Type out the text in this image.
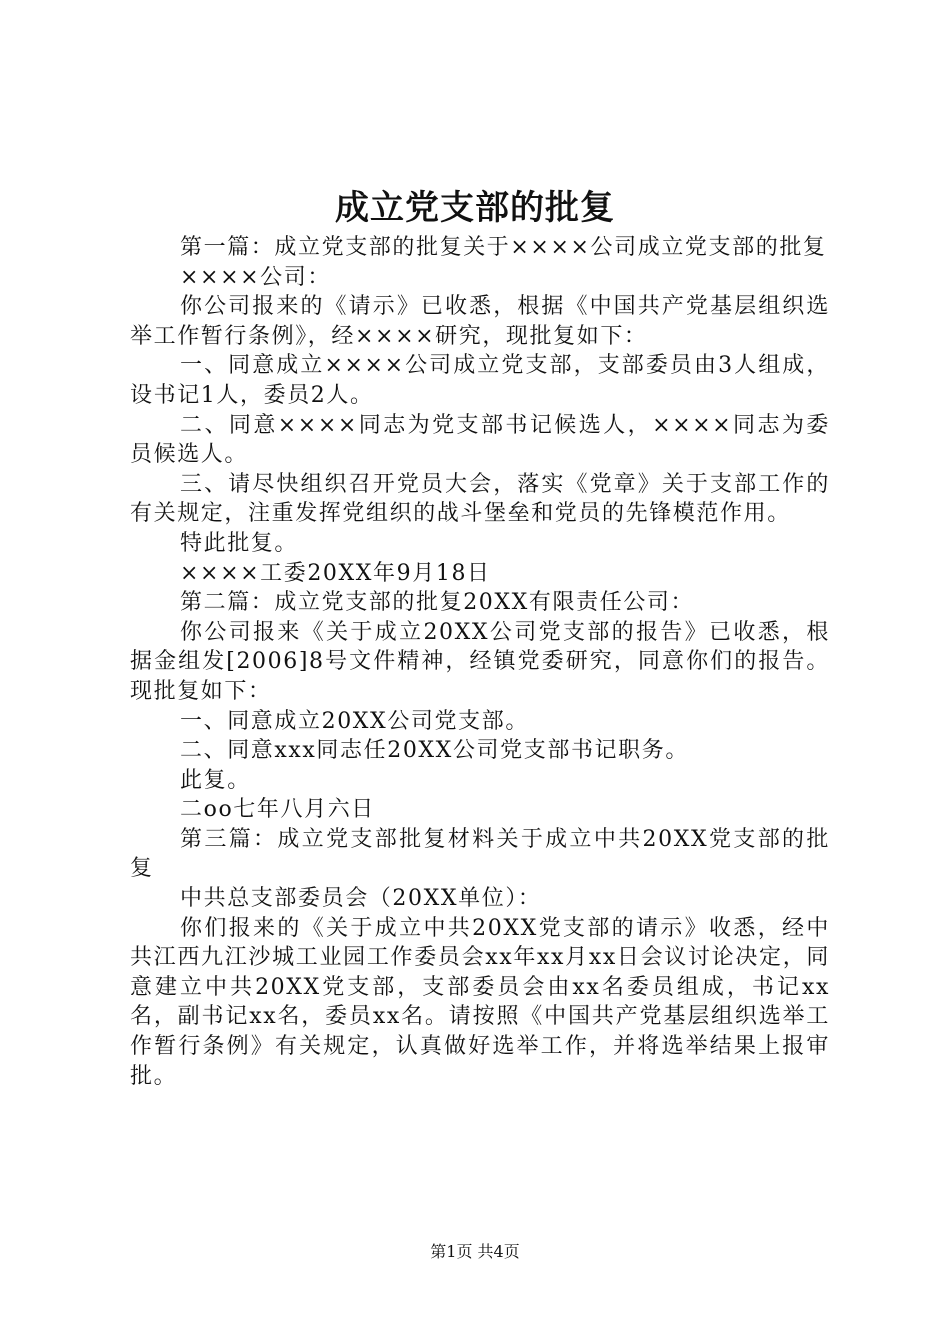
成立党支部的批复

第一篇：成立党支部的批复关于××××公司成立党支部的批复

××××公司：

你公司报来的《请示》已收悉，根据《中国共产党基层组织选举工作暂行条例》，经××××研究，现批复如下：

一、同意成立××××公司成立党支部，支部委员由3人组成，设书记1人，委员2人。

二、同意××××同志为党支部书记候选人，××××同志为委员候选人。

三、请尽快组织召开党员大会，落实《党章》关于支部工作的有关规定，注重发挥党组织的战斗堡垒和党员的先锋模范作用。

特此批复。

××××工委20XX年9月18日

第二篇：成立党支部的批复20XX有限责任公司：

你公司报来《关于成立20XX公司党支部的报告》已收悉，根据金组发[2006]8号文件精神，经镇党委研究，同意你们的报告。现批复如下：

一、同意成立20XX公司党支部。

二、同意xxx同志任20XX公司党支部书记职务。

此复。

二oo七年八月六日

第三篇：成立党支部批复材料关于成立中共20XX党支部的批复

中共总支部委员会（20XX单位）：

你们报来的《关于成立中共20XX党支部的请示》收悉，经中共江西九江沙城工业园工作委员会xx年xx月xx日会议讨论决定，同意建立中共20XX党支部，支部委员会由xx名委员组成，书记xx名，副书记xx名，委员xx名。请按照《中国共产党基层组织选举工作暂行条例》有关规定，认真做好选举工作，并将选举结果上报审批。

第1页 共4页
